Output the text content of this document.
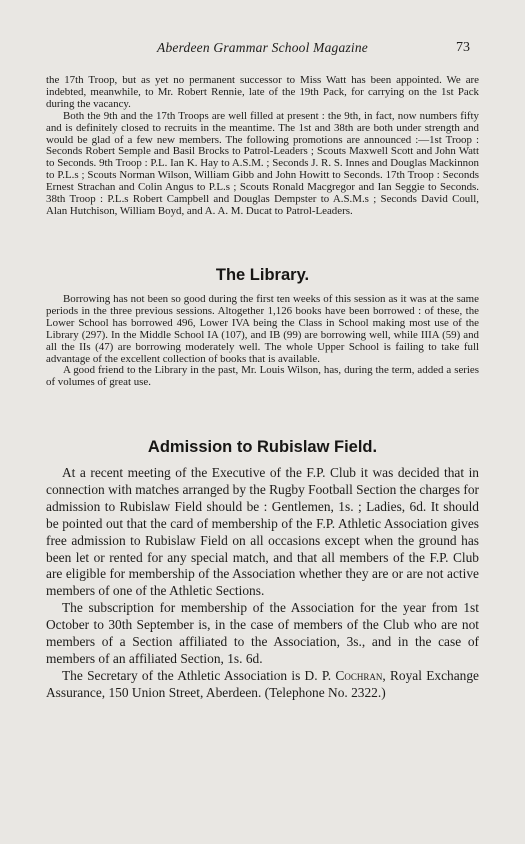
Aberdeen Grammar School Magazine	73

the 17th Troop, but as yet no permanent successor to Miss Watt has been appointed. We are indebted, meanwhile, to Mr. Robert Rennie, late of the 19th Pack, for carrying on the 1st Pack during the vacancy.

Both the 9th and the 17th Troops are well filled at present : the 9th, in fact, now numbers fifty and is definitely closed to recruits in the meantime. The 1st and 38th are both under strength and would be glad of a few new members. The following promotions are announced :—1st Troop : Seconds Robert Semple and Basil Brocks to Patrol-Leaders ; Scouts Maxwell Scott and John Watt to Seconds. 9th Troop : P.L. Ian K. Hay to A.S.M. ; Seconds J. R. S. Innes and Douglas Mackinnon to P.L.s ; Scouts Norman Wilson, William Gibb and John Howitt to Seconds. 17th Troop : Seconds Ernest Strachan and Colin Angus to P.L.s ; Scouts Ronald Macgregor and Ian Seggie to Seconds. 38th Troop : P.L.s Robert Campbell and Douglas Dempster to A.S.M.s ; Seconds David Coull, Alan Hutchison, William Boyd, and A. A. M. Ducat to Patrol-Leaders.

The Library.

Borrowing has not been so good during the first ten weeks of this session as it was at the same periods in the three previous sessions. Altogether 1,126 books have been borrowed : of these, the Lower School has borrowed 496, Lower IVA being the Class in School making most use of the Library (297). In the Middle School IA (107), and IB (99) are borrowing well, while IIIA (59) and all the IIs (47) are borrowing moderately well. The whole Upper School is failing to take full advantage of the excellent collection of books that is available.

A good friend to the Library in the past, Mr. Louis Wilson, has, during the term, added a series of volumes of great use.

Admission to Rubislaw Field.

At a recent meeting of the Executive of the F.P. Club it was decided that in connection with matches arranged by the Rugby Football Section the charges for admission to Rubislaw Field should be : Gentlemen, 1s. ; Ladies, 6d. It should be pointed out that the card of membership of the F.P. Athletic Association gives free admission to Rubislaw Field on all occasions except when the ground has been let or rented for any special match, and that all members of the F.P. Club are eligible for membership of the Association whether they are or are not active members of one of the Athletic Sections.

The subscription for membership of the Association for the year from 1st October to 30th September is, in the case of members of the Club who are not members of a Section affiliated to the Association, 3s., and in the case of members of an affiliated Section, 1s. 6d.

The Secretary of the Athletic Association is D. P. Cochran, Royal Exchange Assurance, 150 Union Street, Aberdeen. (Telephone No. 2322.)
